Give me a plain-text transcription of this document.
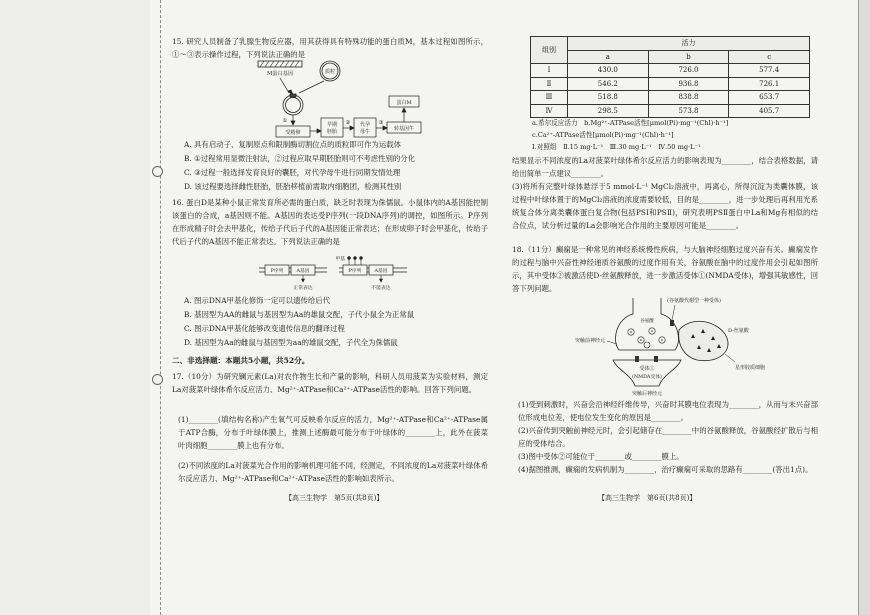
15. 研究人员制备了乳腺生物反应器，用其获得具有特殊功能的蛋白质M，基本过程如图所示，①～③表示操作过程，下列说法正确的是

M蛋白基因	质粒
①
受精卵
早期
胚胎
② 代孕
母牛
③
转基因牛
蛋白M

A. 具有启动子、复制原点和限制酶切割位点的质粒即可作为运载体

B. ①过程常用显微注射法，②过程应取早期胚胎则可不考虑性别的分化

C. ③过程一般选择发育良好的囊胚，对代孕母牛进行同期发情处理

D. 该过程要选择雌性胚胎，胚胎移植前需取内细胞团，检测其性别

16. 蛋白D是某种小鼠正常发育所必需的蛋白质，缺乏时表现为侏儒鼠。小鼠体内的A基因能控制该蛋白的合成，a基因则不能。A基因的表达受P序列(一段DNA序列)的调控，如图所示。P序列在形成精子时会去甲基化，传给子代后子代的A基因能正常表达；在形成卵子时会甲基化，传给子代后子代的A基因不能正常表达。下列说法正确的是

P序列	A基因
正常表达
甲基
P序列	A基因
不能表达

A. 图示DNA甲基化修饰一定可以遗传给后代

B. 基因型为AA的雌鼠与基因型为Aa的雄鼠交配，子代小鼠全为正常鼠

C. 图示DNA甲基化能够改变遗传信息的翻译过程

D. 基因型为Aa的雌鼠与基因型为aa的雄鼠交配，子代全为侏儒鼠

二、非选择题：本题共5小题，共52分。

17.（10分）为研究镧元素(La)对农作物生长和产量的影响，科研人员用菠菜为实验材料，测定La对菠菜叶绿体希尔反应活力、Mg²⁺-ATPase和Ca²⁺-ATPase活性的影响。回答下列问题。

(1)________(填结构名称)产生氧气可反映希尔反应的活力，Mg²⁺-ATPase和Ca²⁺-ATPase属于ATP合酶，分布于叶绿体膜上，推测上述酶最可能分布于叶绿体的________上，此外在菠菜叶肉细胞________膜上也有分布。

(2)不同浓度的La对菠菜光合作用的影响机理可能不同，经测定，不同浓度的La对菠菜叶绿体希尔反应活力、Mg²⁺-ATPase和Ca²⁺-ATPase活性的影响如表所示。

【高三生物学　第5页(共8页)】
组别	活力		
	a	b	c
Ⅰ	430.0	726.0	577.4
Ⅱ	546.2	936.8	726.1
Ⅲ	518.8	838.8	653.7
Ⅳ	298.5	573.8	405.7

a.希尔反应活力　b.Mg²⁺-ATPase活性[μmol(Pi)·mg⁻¹(Chl)·h⁻¹]

c.Ca²⁺-ATPase活性[μmol(Pi)·mg⁻¹(Chl)·h⁻¹]

Ⅰ.对照组　Ⅱ.15 mg·L⁻¹　Ⅲ.30 mg·L⁻¹　Ⅳ.50 mg·L⁻¹

结果显示不同浓度的La对菠菜叶绿体希尔反应活力的影响表现为________，结合表格数据，请给出简单一点建议________。

(3)将所有完整叶绿体悬浮于5 mmol·L⁻¹ MgCl₂溶液中，再离心，所得沉淀为类囊体膜，该过程中叶绿体置于的MgCl₂溶液的浓度需要较低，目的是________，进一步处理后再利用光系统复合体分离类囊体蛋白复合物(包括PSⅠ和PSⅡ)，研究表明PSⅡ蛋白中La和Mg有相似的结合位点，试分析过量的La会影响光合作用的主要原因可能是________。

18.（11分）癫痫是一种常见的神经系统慢性疾病，与大脑神经细胞过度兴奋有关。癫痫发作的过程与脑中兴奋性神经递质谷氨酸的过度作用有关，谷氨酸在脑中的过度作用会引起如图所示，其中受体②被激活使D-丝氨酸释放，进一步激活受体①(NMDA受体)，增强其敏感性，回答下列问题。

谷氨酸
(谷氨酸代谢型一种受体)
突触前神经元
D-丝氨酸
星形胶质细胞
受体①
(NMDA受体)
突触后神经元

(1)受到刺激时，兴奋会沿神经纤维传导，兴奋时其膜电位表现为________，从而与未兴奋部位形成电位差，使电位发生变化的原因是________。

(2)兴奋传到突触前神经元时，会引起储存在________中的谷氨酸释放，谷氨酸经扩散后与相应的受体结合。

(3)图中受体②可能位于________或________膜上。

(4)据图推测，癫痫的发病机制为________，治疗癫痫可采取的思路有________(答出1点)。

【高三生物学　第6页(共8页)】
